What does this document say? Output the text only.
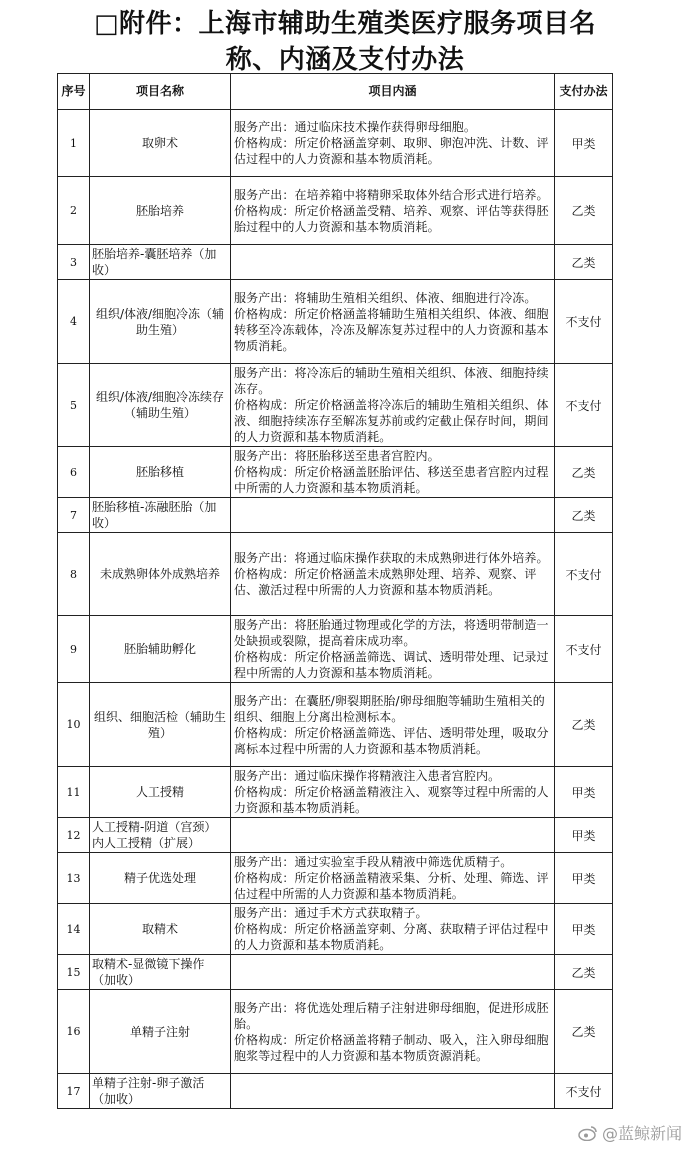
□附件：上海市辅助生殖类医疗服务项目名
称、内涵及支付办法
序号	项目名称	项目内涵	支付办法
1	取卵术	服务产出：通过临床技术操作获得卵母细胞。
价格构成：所定价格涵盖穿刺、取卵、卵泡冲洗、计数、评估过程中的人力资源和基本物质消耗。	甲类
2	胚胎培养	服务产出：在培养箱中将精卵采取体外结合形式进行培养。
价格构成：所定价格涵盖受精、培养、观察、评估等获得胚胎过程中的人力资源和基本物质消耗。	乙类
3	胚胎培养-囊胚培养（加收）		乙类
4	组织/体液/细胞冷冻（辅助生殖）	服务产出：将辅助生殖相关组织、体液、细胞进行冷冻。
价格构成：所定价格涵盖将辅助生殖相关组织、体液、细胞转移至冷冻载体，冷冻及解冻复苏过程中的人力资源和基本物质消耗。	不支付
5	组织/体液/细胞冷冻续存（辅助生殖）	服务产出：将冷冻后的辅助生殖相关组织、体液、细胞持续冻存。
价格构成：所定价格涵盖将冷冻后的辅助生殖相关组织、体液、细胞持续冻存至解冻复苏前或约定截止保存时间，期间的人力资源和基本物质消耗。	不支付
6	胚胎移植	服务产出：将胚胎移送至患者宫腔内。
价格构成：所定价格涵盖胚胎评估、移送至患者宫腔内过程中所需的人力资源和基本物质消耗。	乙类
7	胚胎移植-冻融胚胎（加收）		乙类
8	未成熟卵体外成熟培养	服务产出：将通过临床操作获取的未成熟卵进行体外培养。
价格构成：所定价格涵盖未成熟卵处理、培养、观察、评估、激活过程中所需的人力资源和基本物质消耗。	不支付
9	胚胎辅助孵化	服务产出：将胚胎通过物理或化学的方法，将透明带制造一处缺损或裂隙，提高着床成功率。
价格构成：所定价格涵盖筛选、调试、透明带处理、记录过程中所需的人力资源和基本物质消耗。	不支付
10	组织、细胞活检（辅助生殖）	服务产出：在囊胚/卵裂期胚胎/卵母细胞等辅助生殖相关的组织、细胞上分离出检测标本。
价格构成：所定价格涵盖筛选、评估、透明带处理，吸取分离标本过程中所需的人力资源和基本物质消耗。	乙类
11	人工授精	服务产出：通过临床操作将精液注入患者宫腔内。
价格构成：所定价格涵盖精液注入、观察等过程中所需的人力资源和基本物质消耗。	甲类
12	人工授精-阴道（宫颈）内人工授精（扩展）		甲类
13	精子优选处理	服务产出：通过实验室手段从精液中筛选优质精子。
价格构成：所定价格涵盖精液采集、分析、处理、筛选、评估过程中所需的人力资源和基本物质消耗。	甲类
14	取精术	服务产出：通过手术方式获取精子。
价格构成：所定价格涵盖穿刺、分离、获取精子评估过程中的人力资源和基本物质消耗。	甲类
15	取精术-显微镜下操作（加收）		乙类
16	单精子注射	服务产出：将优选处理后精子注射进卵母细胞，促进形成胚胎。
价格构成：所定价格涵盖将精子制动、吸入，注入卵母细胞胞浆等过程中的人力资源和基本物质资源消耗。	乙类
17	单精子注射-卵子激活（加收）		不支付
@蓝鲸新闻
